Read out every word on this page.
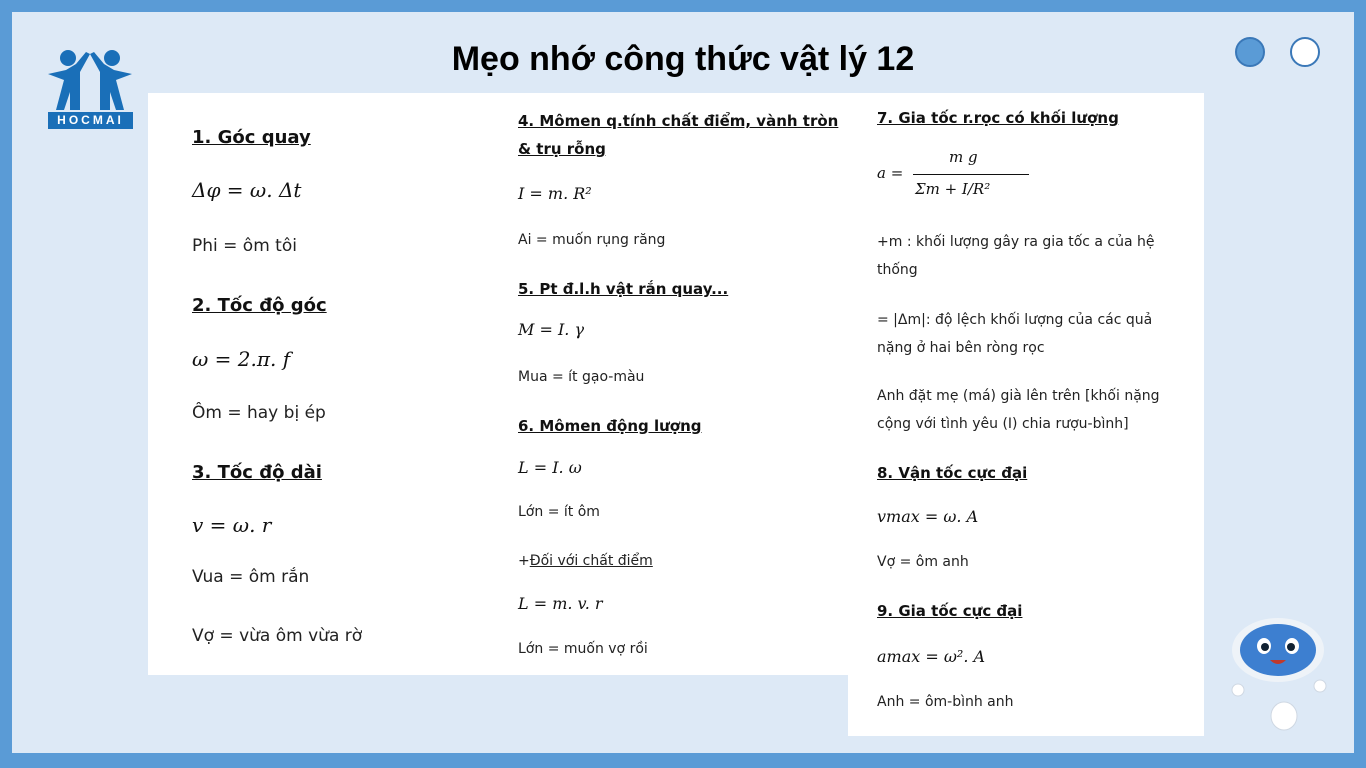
HOCMAI
Mẹo nhớ công thức vật lý 12
1. Góc quay
Δφ = ω. Δt
Phi = ôm tôi
2. Tốc độ góc
ω = 2.π. f
Ôm = hay bị ép
3. Tốc độ dài
v = ω. r
Vua = ôm rắn
Vợ = vừa ôm vừa rờ
4. Mômen q.tính chất điểm, vành tròn
& trụ rỗng
I = m. R²
Ai = muốn rụng răng
5. Pt đ.l.h vật rắn quay...
M = I. γ
Mua = ít gạo-màu
6. Mômen động lượng
L = I. ω
Lớn = ít ôm
+Đối với chất điểm
L = m. v. r
Lớn = muốn vợ rồi
7. Gia tốc r.rọc có khối lượng
a =
m g
Σm + I/R²
+m : khối lượng gây ra gia tốc a của hệ
thống
= |Δm|: độ lệch khối lượng của các quả
nặng ở hai bên ròng rọc
Anh đặt mẹ (má) già lên trên [khối nặng
cộng với tình yêu (I) chia rượu-bình]
8. Vận tốc cực đại
vmax = ω. A
Vợ = ôm anh
9. Gia tốc cực đại
amax = ω². A
Anh = ôm-bình anh
